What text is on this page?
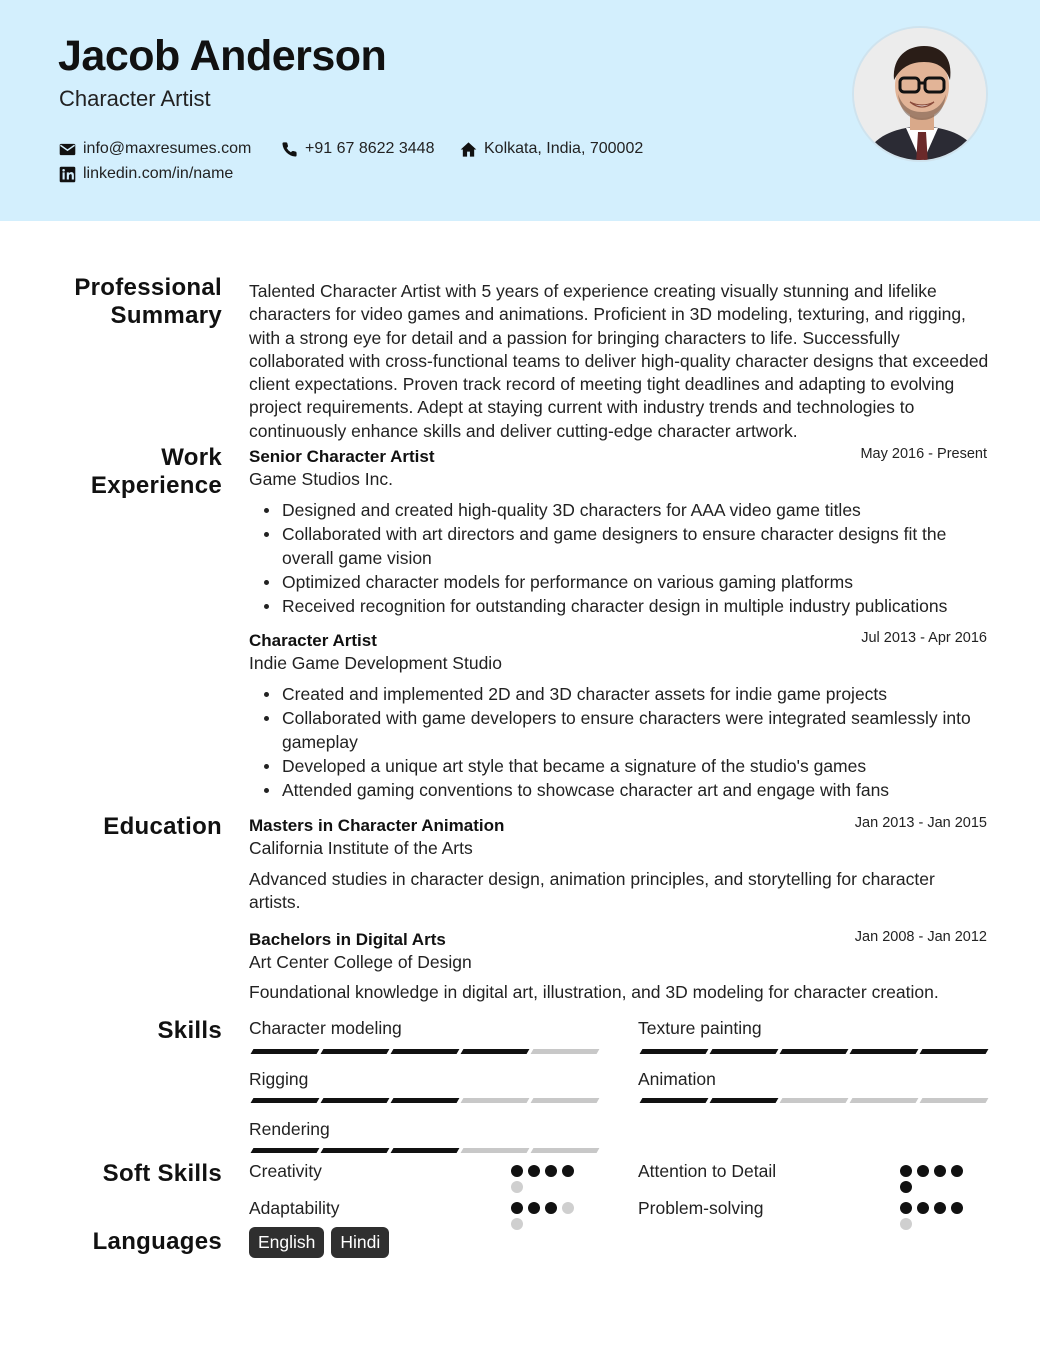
Jacob Anderson
Character Artist
info@maxresumes.com	+91 67 8622 3448	Kolkata, India, 700002
linkedin.com/in/name
Professional
Summary
Work
Experience
Education
Skills
Soft Skills
Languages
Talented Character Artist with 5 years of experience creating visually stunning and lifelike characters for video games and animations. Proficient in 3D modeling, texturing, and rigging, with a strong eye for detail and a passion for bringing characters to life. Successfully collaborated with cross-functional teams to deliver high-quality character designs that exceeded client expectations. Proven track record of meeting tight deadlines and adapting to evolving project requirements. Adept at staying current with industry trends and technologies to continuously enhance skills and deliver cutting-edge character artwork.
Senior Character Artist	May 2016 - Present
Game Studios Inc.
Designed and created high-quality 3D characters for AAA video game titles
Collaborated with art directors and game designers to ensure character designs fit the overall game vision
Optimized character models for performance on various gaming platforms
Received recognition for outstanding character design in multiple industry publications
Character Artist	Jul 2013 - Apr 2016
Indie Game Development Studio
Created and implemented 2D and 3D character assets for indie game projects
Collaborated with game developers to ensure characters were integrated seamlessly into gameplay
Developed a unique art style that became a signature of the studio's games
Attended gaming conventions to showcase character art and engage with fans
Masters in Character Animation	Jan 2013 - Jan 2015
California Institute of the Arts
Advanced studies in character design, animation principles, and storytelling for character artists.
Bachelors in Digital Arts	Jan 2008 - Jan 2012
Art Center College of Design
Foundational knowledge in digital art, illustration, and 3D modeling for character creation.
Character modeling	Texture painting
Rigging	Animation
Rendering
Creativity	Attention to Detail
Adaptability	Problem-solving
English	Hindi
